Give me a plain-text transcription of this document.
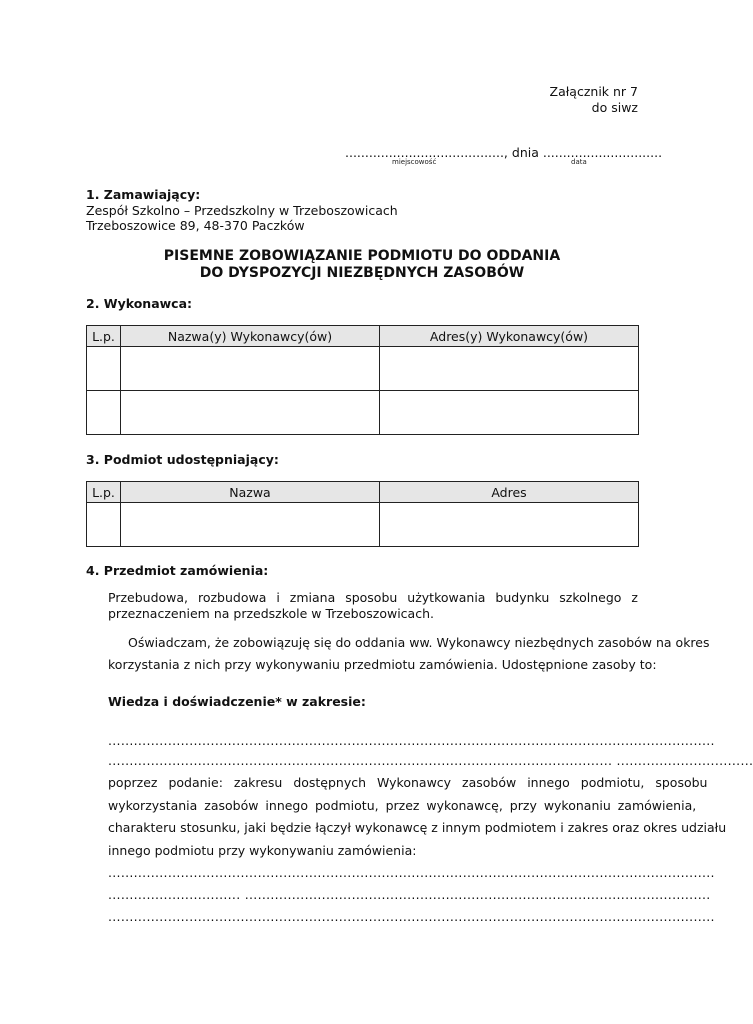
Załącznik nr 7
do siwz
........................................, dnia ..............................
miejscowość	data
1. Zamawiający:
Zespół Szkolno – Przedszkolny w Trzeboszowicach
Trzeboszowice 89, 48-370 Paczków
PISEMNE ZOBOWIĄZANIE PODMIOTU DO ODDANIA
DO DYSPOZYCJI NIEZBĘDNYCH ZASOBÓW
2. Wykonawca:
L.p.	Nazwa(y) Wykonawcy(ów)	Adres(y) Wykonawcy(ów)

3. Podmiot udostępniający:
L.p.	Nazwa	Adres

4. Przedmiot zamówienia:
Przebudowa, rozbudowa i zmiana sposobu użytkowania budynku szkolnego z przeznaczeniem na przedszkole w Trzeboszowicach.
Oświadczam, że zobowiązuję się do oddania ww. Wykonawcy niezbędnych zasobów na okres
korzystania z nich przy wykonywaniu przedmiotu zamówienia. Udostępnione zasoby to:
Wiedza i doświadczenie* w zakresie:
..............................................................................................................................................
...................................................................................................................... ................................
poprzez podanie: zakresu dostępnych Wykonawcy zasobów innego podmiotu, sposobu
wykorzystania zasobów innego podmiotu, przez wykonawcę, przy wykonaniu zamówienia,
charakteru stosunku, jaki będzie łączył wykonawcę z innym podmiotem i zakres oraz okres udziału
innego podmiotu przy wykonywaniu zamówienia:
..............................................................................................................................................
............................... .............................................................................................................
..............................................................................................................................................
